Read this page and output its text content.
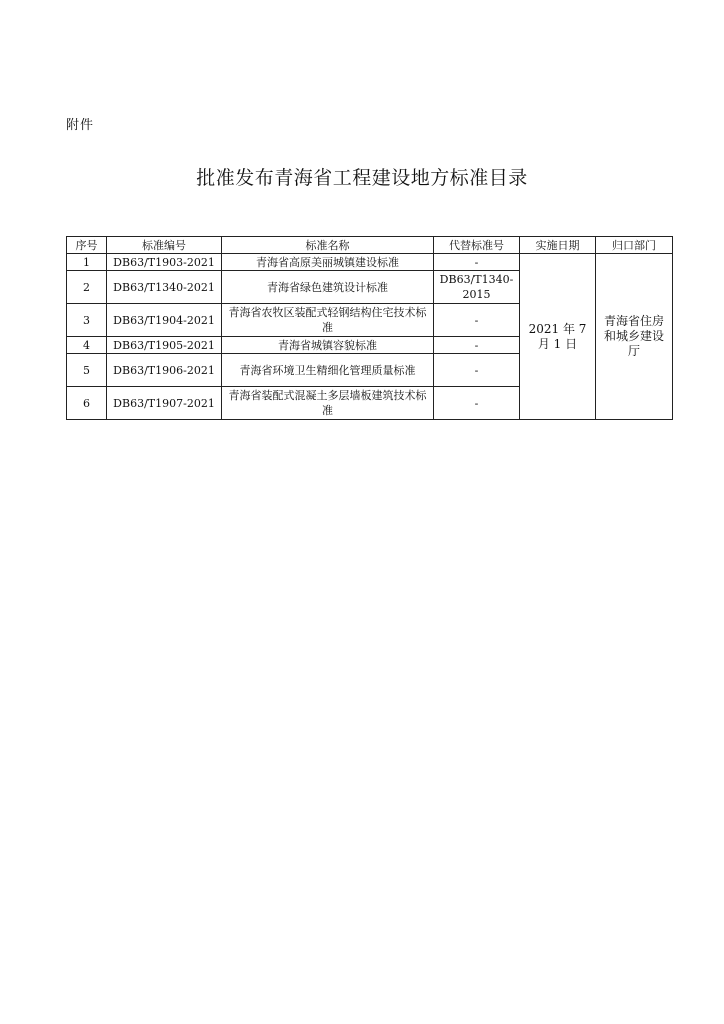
附件
批准发布青海省工程建设地方标准目录
序号	标准编号	标准名称	代替标准号	实施日期	归口部门
1	DB63/T1903-2021	青海省高原美丽城镇建设标准	-	2021 年 7 月 1 日	青海省住房和城乡建设厅
2	DB63/T1340-2021	青海省绿色建筑设计标准	DB63/T1340-2015		
3	DB63/T1904-2021	青海省农牧区装配式轻钢结构住宅技术标准	-		
4	DB63/T1905-2021	青海省城镇容貌标准	-		
5	DB63/T1906-2021	青海省环境卫生精细化管理质量标准	-		
6	DB63/T1907-2021	青海省装配式混凝土多层墙板建筑技术标准	-		
